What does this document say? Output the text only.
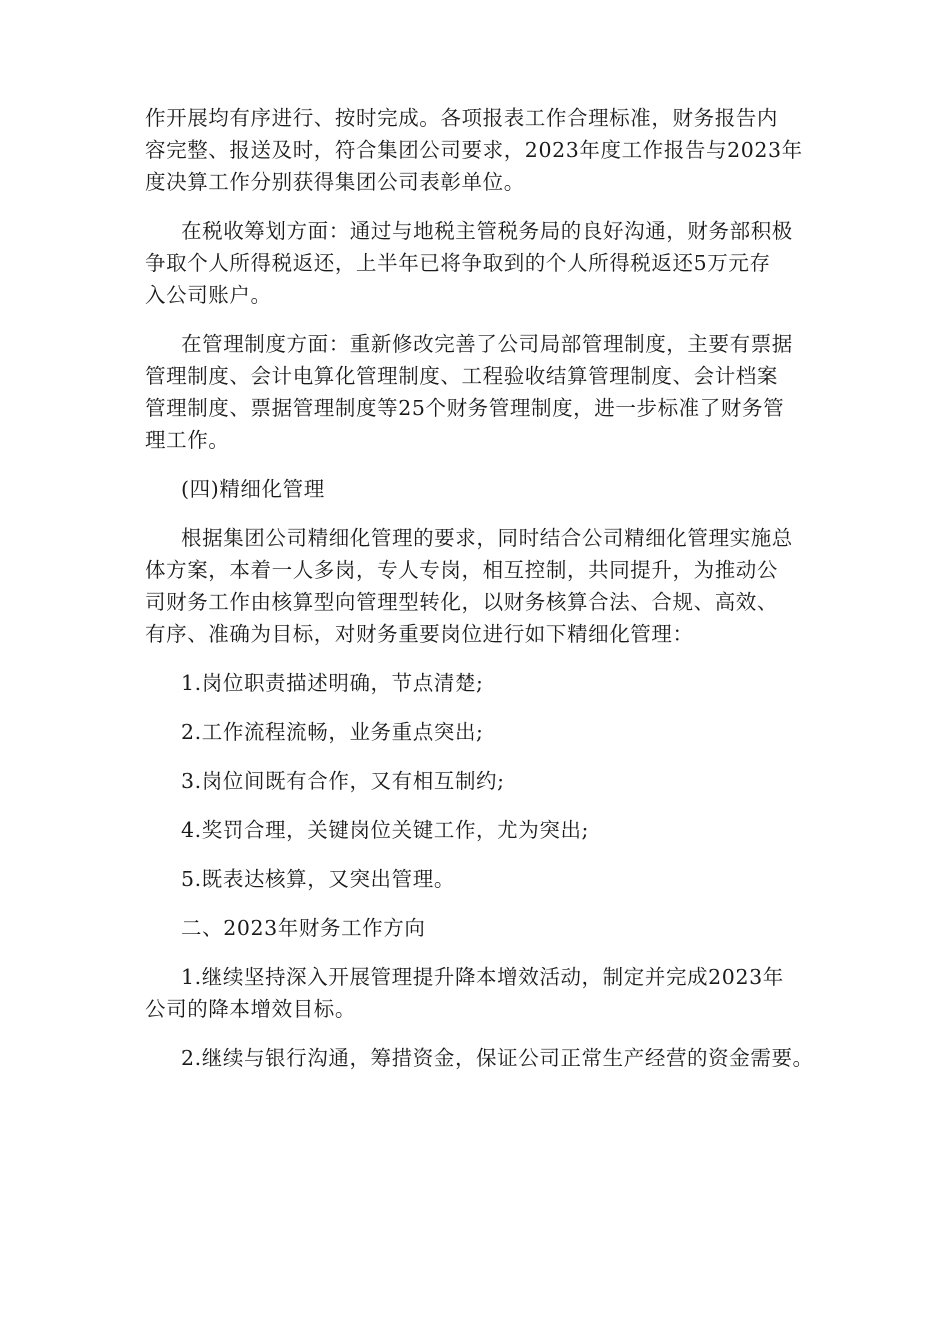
作开展均有序进行、按时完成。各项报表工作合理标准，财务报告内
容完整、报送及时，符合集团公司要求，2023年度工作报告与2023年
度决算工作分别获得集团公司表彰单位。
在税收筹划方面：通过与地税主管税务局的良好沟通，财务部积极
争取个人所得税返还，上半年已将争取到的个人所得税返还5万元存
入公司账户。
在管理制度方面：重新修改完善了公司局部管理制度，主要有票据
管理制度、会计电算化管理制度、工程验收结算管理制度、会计档案
管理制度、票据管理制度等25个财务管理制度，进一步标准了财务管
理工作。
(四)精细化管理
根据集团公司精细化管理的要求，同时结合公司精细化管理实施总
体方案，本着一人多岗，专人专岗，相互控制，共同提升，为推动公
司财务工作由核算型向管理型转化，以财务核算合法、合规、高效、
有序、准确为目标，对财务重要岗位进行如下精细化管理：
1.岗位职责描述明确，节点清楚;
2.工作流程流畅，业务重点突出;
3.岗位间既有合作，又有相互制约;
4.奖罚合理，关键岗位关键工作，尤为突出;
5.既表达核算，又突出管理。
二、2023年财务工作方向
1.继续坚持深入开展管理提升降本增效活动，制定并完成2023年
公司的降本增效目标。
2.继续与银行沟通，筹措资金，保证公司正常生产经营的资金需要。
